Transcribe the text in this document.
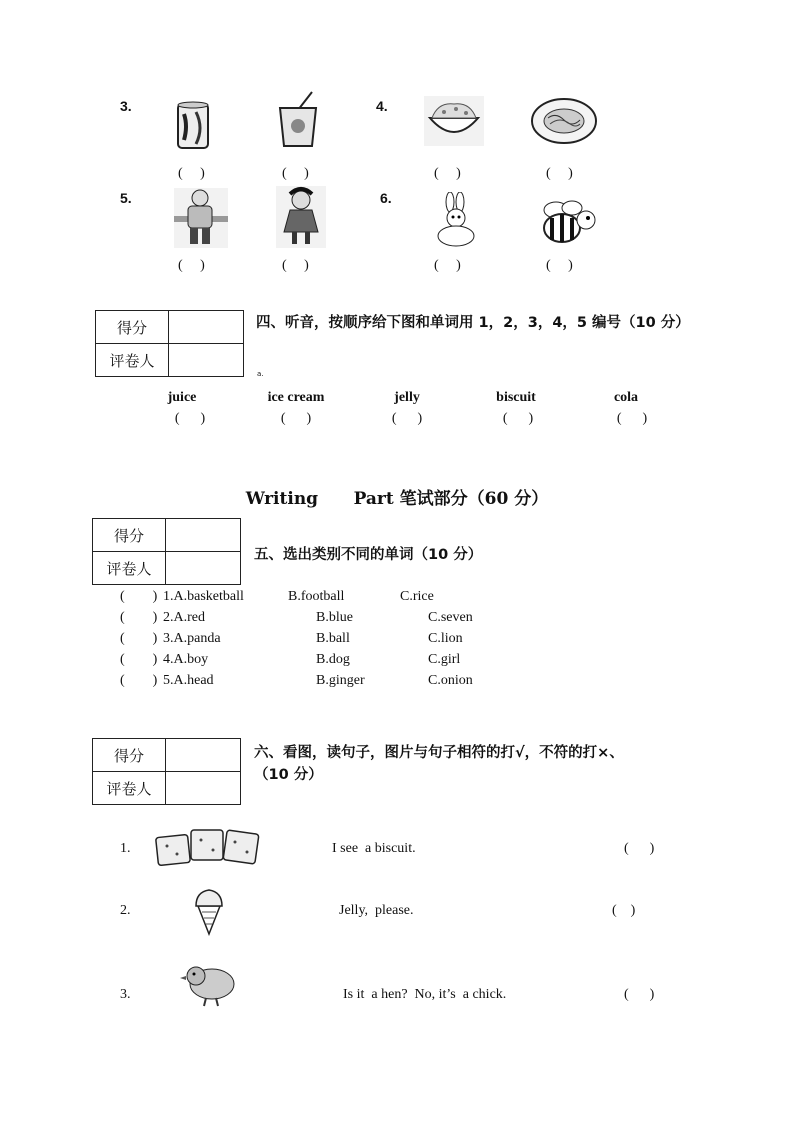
3.	4.
(     )	(     )	(     )	(     )
5.	6.
(     )	(     )	(     )	(     )
得分	
评卷人	
四、听音，按顺序给下图和单词用 1，2，3，4，5 编号（10 分）
a.
juice	ice cream	jelly	biscuit	cola
(      )	(      )	(      )	(      )	(      )
Writing      Part 笔试部分（60 分）
得分	
评卷人	
五、选出类别不同的单词（10 分）
(        ) 1.A.basketball	B.football	C.rice
(        ) 2.A.red	B.blue	C.seven
(        ) 3.A.panda	B.ball	C.lion
(        ) 4.A.boy	B.dog	C.girl
(        ) 5.A.head	B.ginger	C.onion
得分	
评卷人	
六、看图，读句子，图片与句子相符的打√，不符的打×、
（10 分）
1.	I see  a biscuit.	(      )
2.	Jelly,  please.	(    )
3.	Is it  a hen?  No, it’s  a chick.	(      )
